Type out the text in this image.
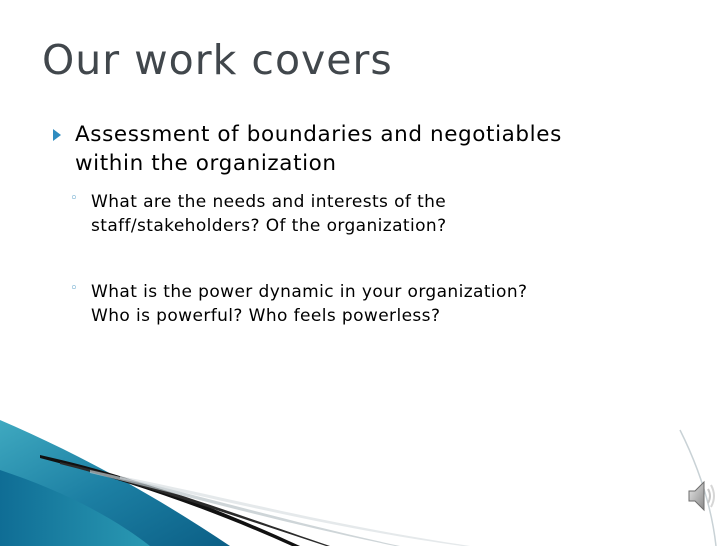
Our work covers
Assessment of boundaries and negotiables
within the organization
◦ What are the needs and interests of the
staff/stakeholders? Of the organization?
◦ What is the power dynamic in your organization?
Who is powerful? Who feels powerless?
